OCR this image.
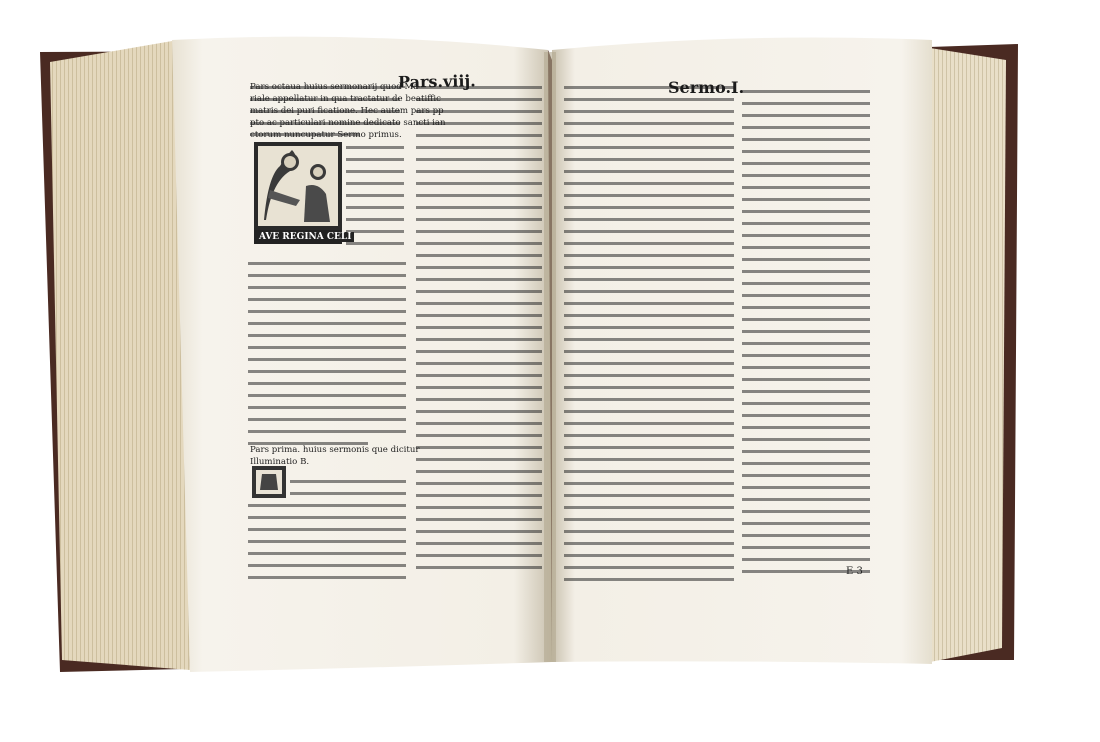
Pars.viij.	Sermo.I.
AVE REGINA CELI
Pars octaua huius sermonarij quod Ma
riale appellatur in qua tractatur de beatiffic
matris dei puri ficatione. Hec autem pars pp
pto ac particulari nomine dedicato sancti ian
ctorum nuncupatur Sermo primus.
Pars prima. huius sermonis que dicitur
Illuminatio B.
E 3
